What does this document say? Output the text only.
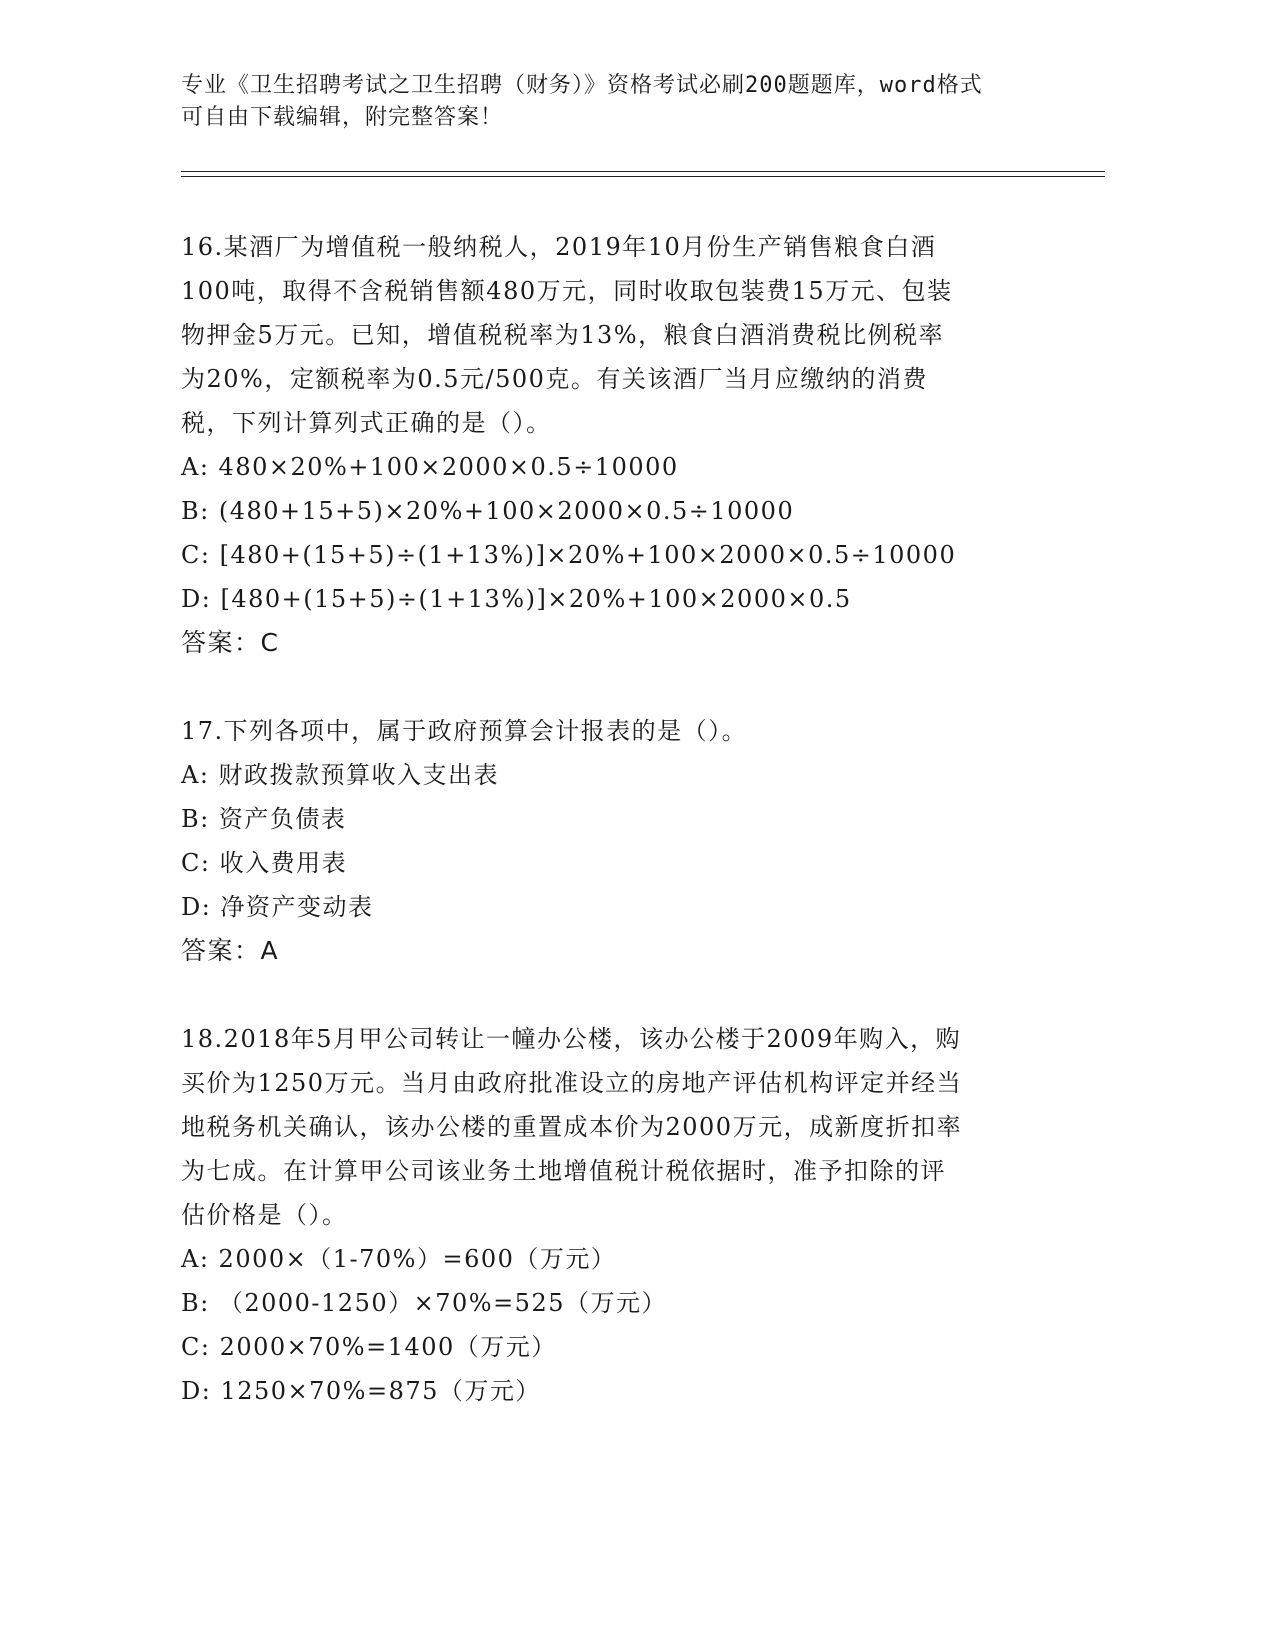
专业《卫生招聘考试之卫生招聘（财务）》资格考试必刷200题题库，word格式
可自由下载编辑，附完整答案！
16.某酒厂为增值税一般纳税人，2019年10月份生产销售粮食白酒
100吨，取得不含税销售额480万元，同时收取包装费15万元、包装
物押金5万元。已知，增值税税率为13%，粮食白酒消费税比例税率
为20%，定额税率为0.5元/500克。有关该酒厂当月应缴纳的消费
税，下列计算列式正确的是（）。
A: 480×20%+100×2000×0.5÷10000
B: (480+15+5)×20%+100×2000×0.5÷10000
C: [480+(15+5)÷(1+13%)]×20%+100×2000×0.5÷10000
D: [480+(15+5)÷(1+13%)]×20%+100×2000×0.5
答案：C
17.下列各项中，属于政府预算会计报表的是（）。
A: 财政拨款预算收入支出表
B: 资产负债表
C: 收入费用表
D: 净资产变动表
答案：A
18.2018年5月甲公司转让一幢办公楼，该办公楼于2009年购入，购
买价为1250万元。当月由政府批准设立的房地产评估机构评定并经当
地税务机关确认，该办公楼的重置成本价为2000万元，成新度折扣率
为七成。在计算甲公司该业务土地增值税计税依据时，准予扣除的评
估价格是（）。
A: 2000×（1-70%）=600（万元）
B: （2000-1250）×70%=525（万元）
C: 2000×70%=1400（万元）
D: 1250×70%=875（万元）
